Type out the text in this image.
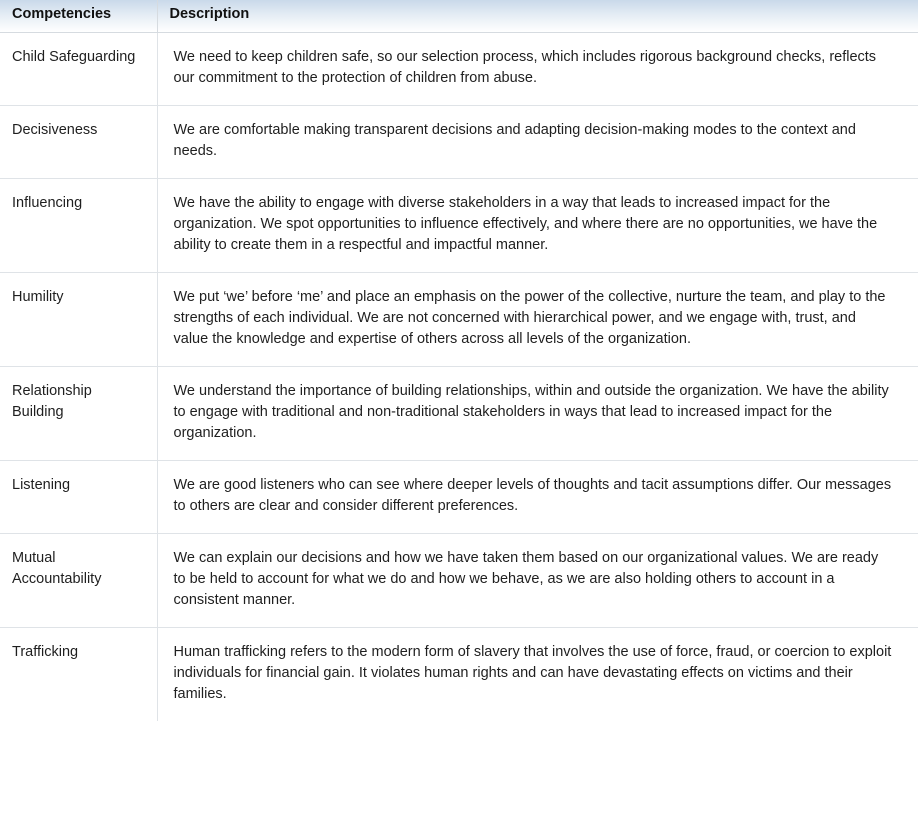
Competencies	Description
Child Safeguarding	We need to keep children safe, so our selection process, which includes rigorous background checks, reflects our commitment to the protection of children from abuse.
Decisiveness	We are comfortable making transparent decisions and adapting decision-making modes to the context and needs.
Influencing	We have the ability to engage with diverse stakeholders in a way that leads to increased impact for the organization. We spot opportunities to influence effectively, and where there are no opportunities, we have the ability to create them in a respectful and impactful manner.
Humility	We put ‘we’ before ‘me’ and place an emphasis on the power of the collective, nurture the team, and play to the strengths of each individual. We are not concerned with hierarchical power, and we engage with, trust, and value the knowledge and expertise of others across all levels of the organization.
Relationship Building	We understand the importance of building relationships, within and outside the organization. We have the ability to engage with traditional and non-traditional stakeholders in ways that lead to increased impact for the organization.
Listening	We are good listeners who can see where deeper levels of thoughts and tacit assumptions differ. Our messages to others are clear and consider different preferences.
Mutual Accountability	We can explain our decisions and how we have taken them based on our organizational values. We are ready to be held to account for what we do and how we behave, as we are also holding others to account in a consistent manner.
Trafficking	Human trafficking refers to the modern form of slavery that involves the use of force, fraud, or coercion to exploit individuals for financial gain. It violates human rights and can have devastating effects on victims and their families.
